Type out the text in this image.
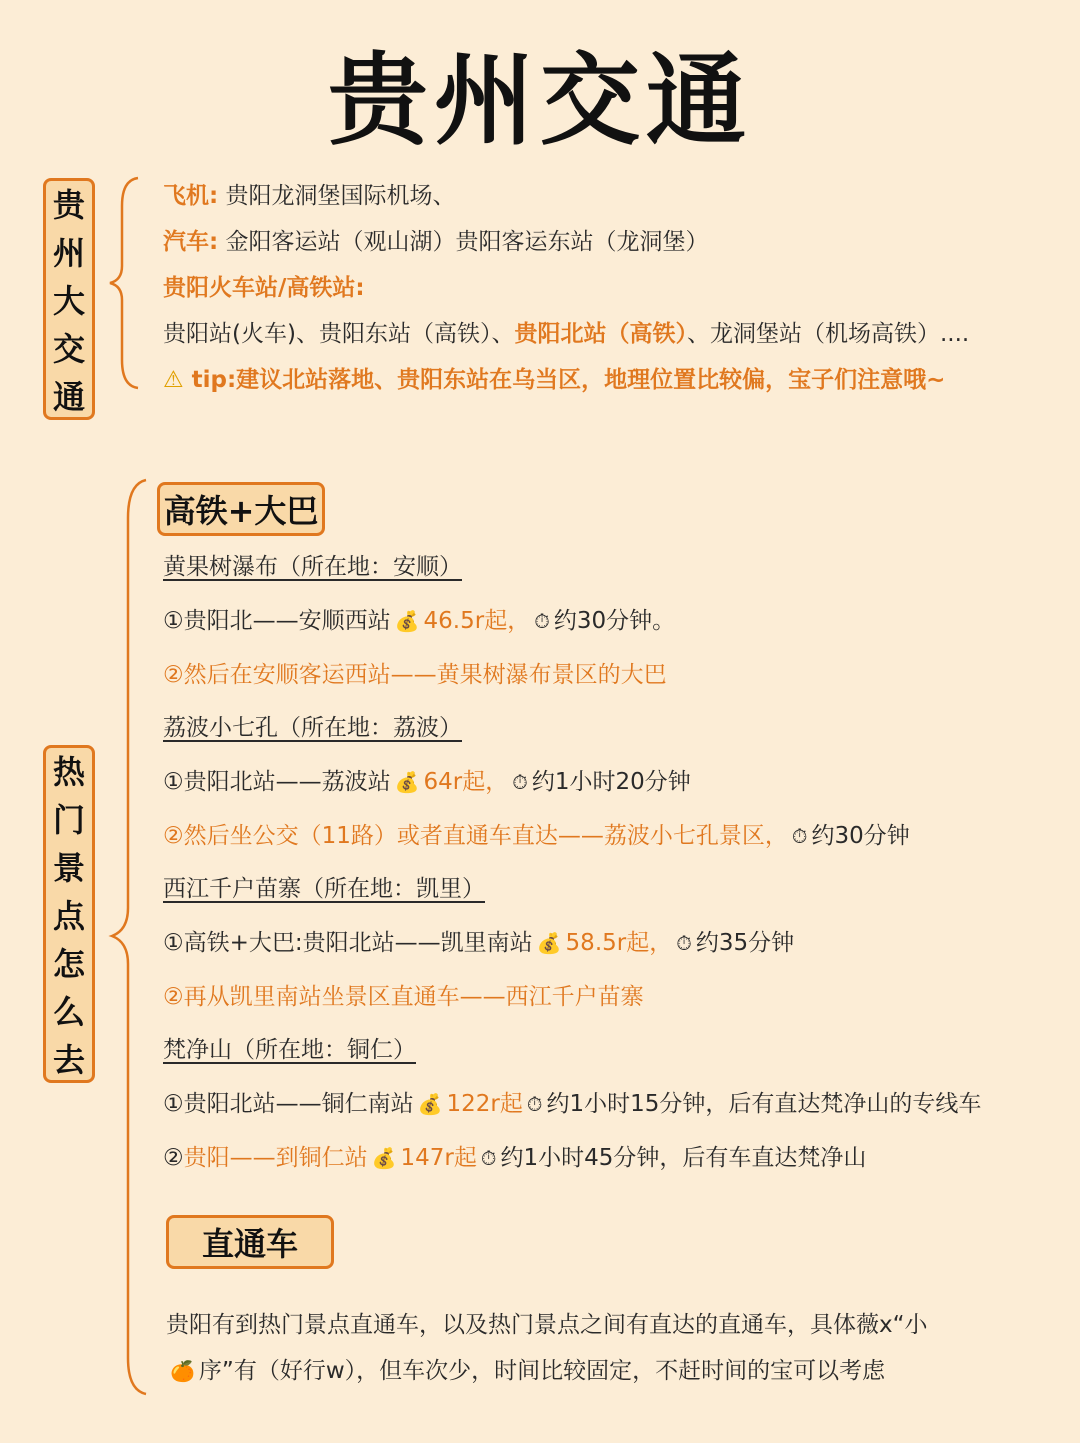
贵州交通
贵
州
大
交
通
飞机: 贵阳龙洞堡国际机场、
汽车: 金阳客运站（观山湖）贵阳客运东站（龙洞堡）
贵阳火车站/高铁站:
贵阳站(火车)、贵阳东站（高铁）、贵阳北站（高铁）、龙洞堡站（机场高铁）....
⚠ tip:建议北站落地、贵阳东站在乌当区，地理位置比较偏，宝子们注意哦~
热
门
景
点
怎
么
去
高铁+大巴
黄果树瀑布（所在地：安顺）
①贵阳北——安顺西站 💰 46.5r起， ⏱ 约30分钟。
②然后在安顺客运西站——黄果树瀑布景区的大巴
荔波小七孔（所在地：荔波）
①贵阳北站——荔波站 💰 64r起， ⏱ 约1小时20分钟
②然后坐公交（11路）或者直通车直达——荔波小七孔景区， ⏱ 约30分钟
西江千户苗寨（所在地：凯里）
①高铁+大巴:贵阳北站——凯里南站 💰 58.5r起， ⏱ 约35分钟
②再从凯里南站坐景区直通车——西江千户苗寨
梵净山（所在地：铜仁）
①贵阳北站——铜仁南站 💰 122r起 ⏱ 约1小时15分钟，后有直达梵净山的专线车
②贵阳——到铜仁站 💰 147r起 ⏱ 约1小时45分钟，后有车直达梵净山
直通车
贵阳有到热门景点直通车，以及热门景点之间有直达的直通车，具体薇x“小
🍊 序”有（好行w），但车次少，时间比较固定，不赶时间的宝可以考虑
